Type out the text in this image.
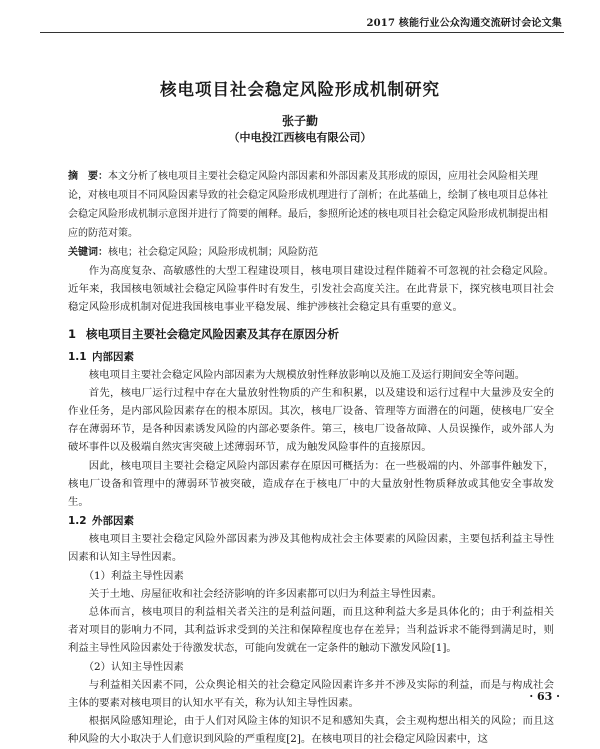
2017 核能行业公众沟通交流研讨会论文集
核电项目社会稳定风险形成机制研究
张子勤
（中电投江西核电有限公司）
摘　要：本文分析了核电项目主要社会稳定风险内部因素和外部因素及其形成的原因，应用社会风险相关理论，对核电项目不同风险因素导致的社会稳定风险形成机理进行了剖析；在此基础上，绘制了核电项目总体社会稳定风险形成机制示意图并进行了简要的阐释。最后，参照所论述的核电项目社会稳定风险形成机制提出相应的防范对策。
关键词：核电；社会稳定风险；风险形成机制；风险防范

作为高度复杂、高敏感性的大型工程建设项目，核电项目建设过程伴随着不可忽视的社会稳定风险。近年来，我国核电领域社会稳定风险事件时有发生，引发社会高度关注。在此背景下，探究核电项目社会稳定风险形成机制对促进我国核电事业平稳发展、维护涉核社会稳定具有重要的意义。

1 核电项目主要社会稳定风险因素及其存在原因分析
1.1 内部因素

核电项目主要社会稳定风险内部因素为大规模放射性释放影响以及施工及运行期间安全等问题。

首先，核电厂运行过程中存在大量放射性物质的产生和积累，以及建设和运行过程中大量涉及安全的作业任务，是内部风险因素存在的根本原因。其次，核电厂设备、管理等方面潜在的问题，使核电厂安全存在薄弱环节，是各种因素诱发风险的内部必要条件。第三，核电厂设备故障、人员误操作，或外部人为破坏事件以及极端自然灾害突破上述薄弱环节，成为触发风险事件的直接原因。

因此，核电项目主要社会稳定风险内部因素存在原因可概括为：在一些极端的内、外部事件触发下，核电厂设备和管理中的薄弱环节被突破，造成存在于核电厂中的大量放射性物质释放或其他安全事故发生。

1.2 外部因素

核电项目主要社会稳定风险外部因素为涉及其他构成社会主体要素的风险因素，主要包括利益主导性因素和认知主导性因素。

（1）利益主导性因素

关于土地、房屋征收和社会经济影响的许多因素都可以归为利益主导性因素。

总体而言，核电项目的利益相关者关注的是利益问题，而且这种利益大多是具体化的；由于利益相关者对项目的影响力不同，其利益诉求受到的关注和保障程度也存在差异；当利益诉求不能得到满足时，则利益主导性风险因素处于待激发状态，可能向发就在一定条件的触动下激发风险[1]。

（2）认知主导性因素

与利益相关因素不同，公众舆论相关的社会稳定风险因素许多并不涉及实际的利益，而是与构成社会主体的要素对核电项目的认知水平有关，称为认知主导性因素。

根据风险感知理论，由于人们对风险主体的知识不足和感知失真，会主观构想出相关的风险；而且这种风险的大小取决于人们意识到风险的严重程度[2]。在核电项目的社会稳定风险因素中，这

· 63 ·
